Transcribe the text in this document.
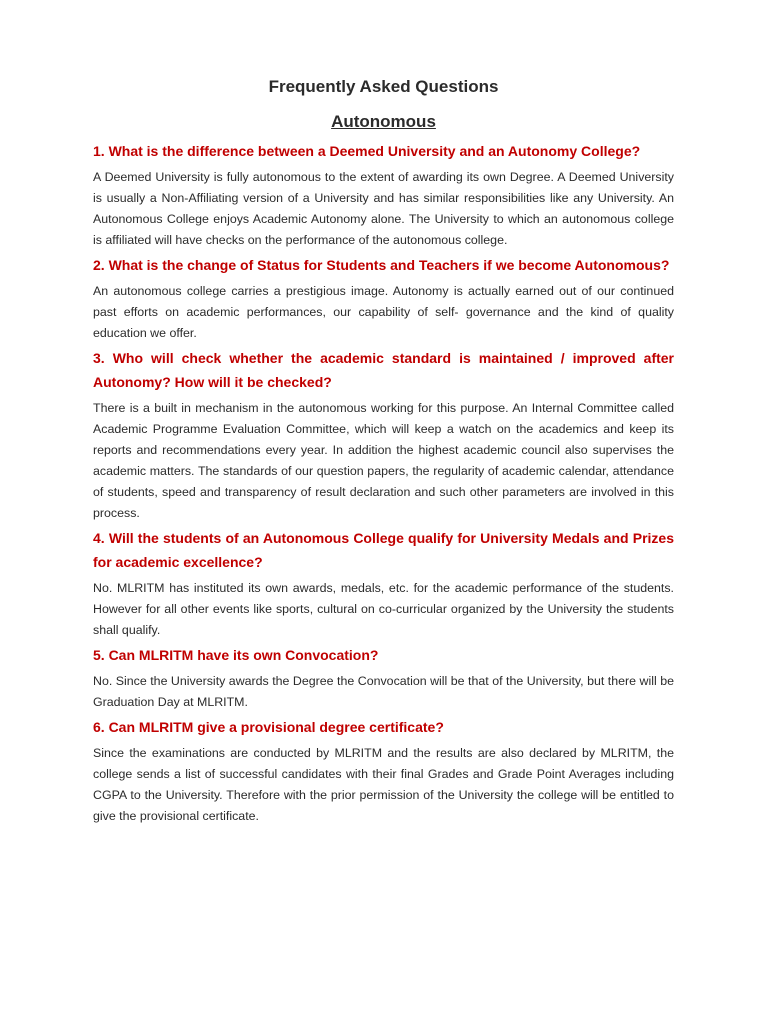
Frequently Asked Questions
Autonomous

1. What is the difference between a Deemed University and an Autonomy College?

A Deemed University is fully autonomous to the extent of awarding its own Degree. A Deemed University is usually a Non-Affiliating version of a University and has similar responsibilities like any University. An Autonomous College enjoys Academic Autonomy alone. The University to which an autonomous college is affiliated will have checks on the performance of the autonomous college.

2. What is the change of Status for Students and Teachers if we become Autonomous?

An autonomous college carries a prestigious image. Autonomy is actually earned out of our continued past efforts on academic performances, our capability of self- governance and the kind of quality education we offer.

3. Who will check whether the academic standard is maintained / improved after Autonomy? How will it be checked?

There is a built in mechanism in the autonomous working for this purpose. An Internal Committee called Academic Programme Evaluation Committee, which will keep a watch on the academics and keep its reports and recommendations every year. In addition the highest academic council also supervises the academic matters. The standards of our question papers, the regularity of academic calendar, attendance of students, speed and transparency of result declaration and such other parameters are involved in this process.

4. Will the students of an Autonomous College qualify for University Medals and Prizes for academic excellence?

No. MLRITM has instituted its own awards, medals, etc. for the academic performance of the students. However for all other events like sports, cultural on co-curricular organized by the University the students shall qualify.

5. Can MLRITM have its own Convocation?

No. Since the University awards the Degree the Convocation will be that of the University, but there will be Graduation Day at MLRITM.

6. Can MLRITM give a provisional degree certificate?

Since the examinations are conducted by MLRITM and the results are also declared by MLRITM, the college sends a list of successful candidates with their final Grades and Grade Point Averages including CGPA to the University. Therefore with the prior permission of the University the college will be entitled to give the provisional certificate.
